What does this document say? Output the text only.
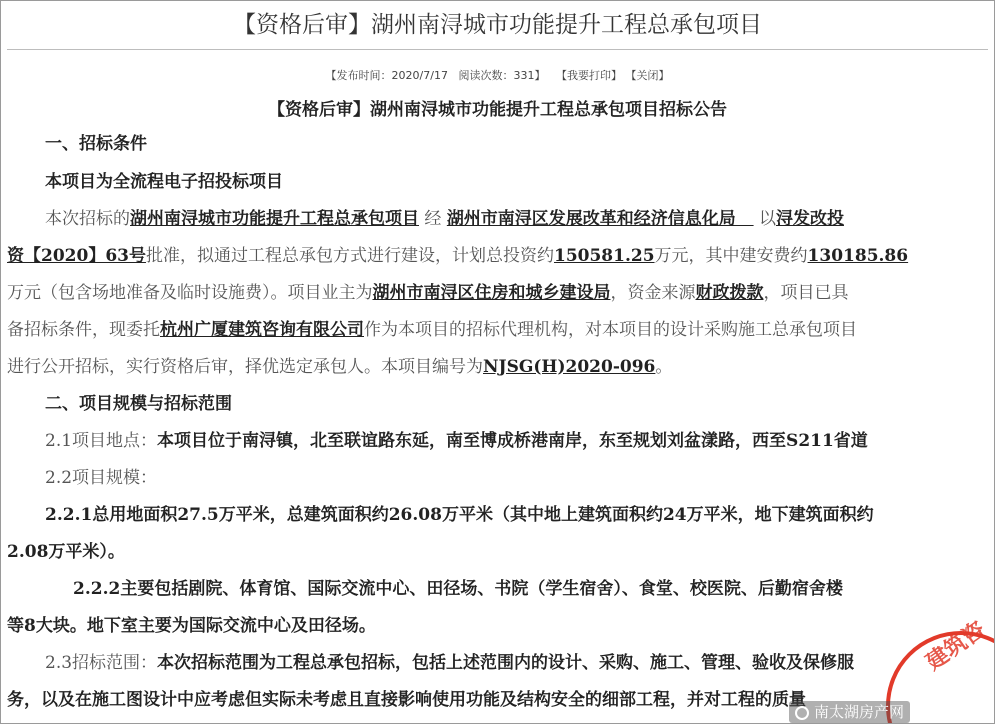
【资格后审】湖州南浔城市功能提升工程总承包项目
【发布时间：2020/7/17 阅读次数：331】 【我要打印】 【关闭】
【资格后审】湖州南浔城市功能提升工程总承包项目招标公告
一、招标条件
本项目为全流程电子招投标项目
本次招标的湖州南浔城市功能提升工程总承包项目 经 湖州市南浔区发展改革和经济信息化局    以浔发改投
资【2020】63号批准，拟通过工程总承包方式进行建设，计划总投资约150581.25万元，其中建安费约130185.86
万元（包含场地准备及临时设施费）。项目业主为湖州市南浔区住房和城乡建设局，资金来源财政拨款，项目已具
备招标条件，现委托杭州广厦建筑咨询有限公司作为本项目的招标代理机构，对本项目的设计采购施工总承包项目
进行公开招标，实行资格后审，择优选定承包人。本项目编号为NJSG(H)2020-096。
二、项目规模与招标范围
2.1项目地点：本项目位于南浔镇，北至联谊路东延，南至博成桥港南岸，东至规划刘盆漾路，西至S211省道
2.2项目规模：
2.2.1总用地面积27.5万平米，总建筑面积约26.08万平米（其中地上建筑面积约24万平米，地下建筑面积约
2.08万平米）。
2.2.2主要包括剧院、体育馆、国际交流中心、田径场、书院（学生宿舍）、食堂、校医院、后勤宿舍楼
等8大块。地下室主要为国际交流中心及田径场。
2.3招标范围：本次招标范围为工程总承包招标，包括上述范围内的设计、采购、施工、管理、验收及保修服
务，以及在施工图设计中应考虑但实际未考虑且直接影响使用功能及结构安全的细部工程，并对工程的质量
建筑咨
南太湖房产网
